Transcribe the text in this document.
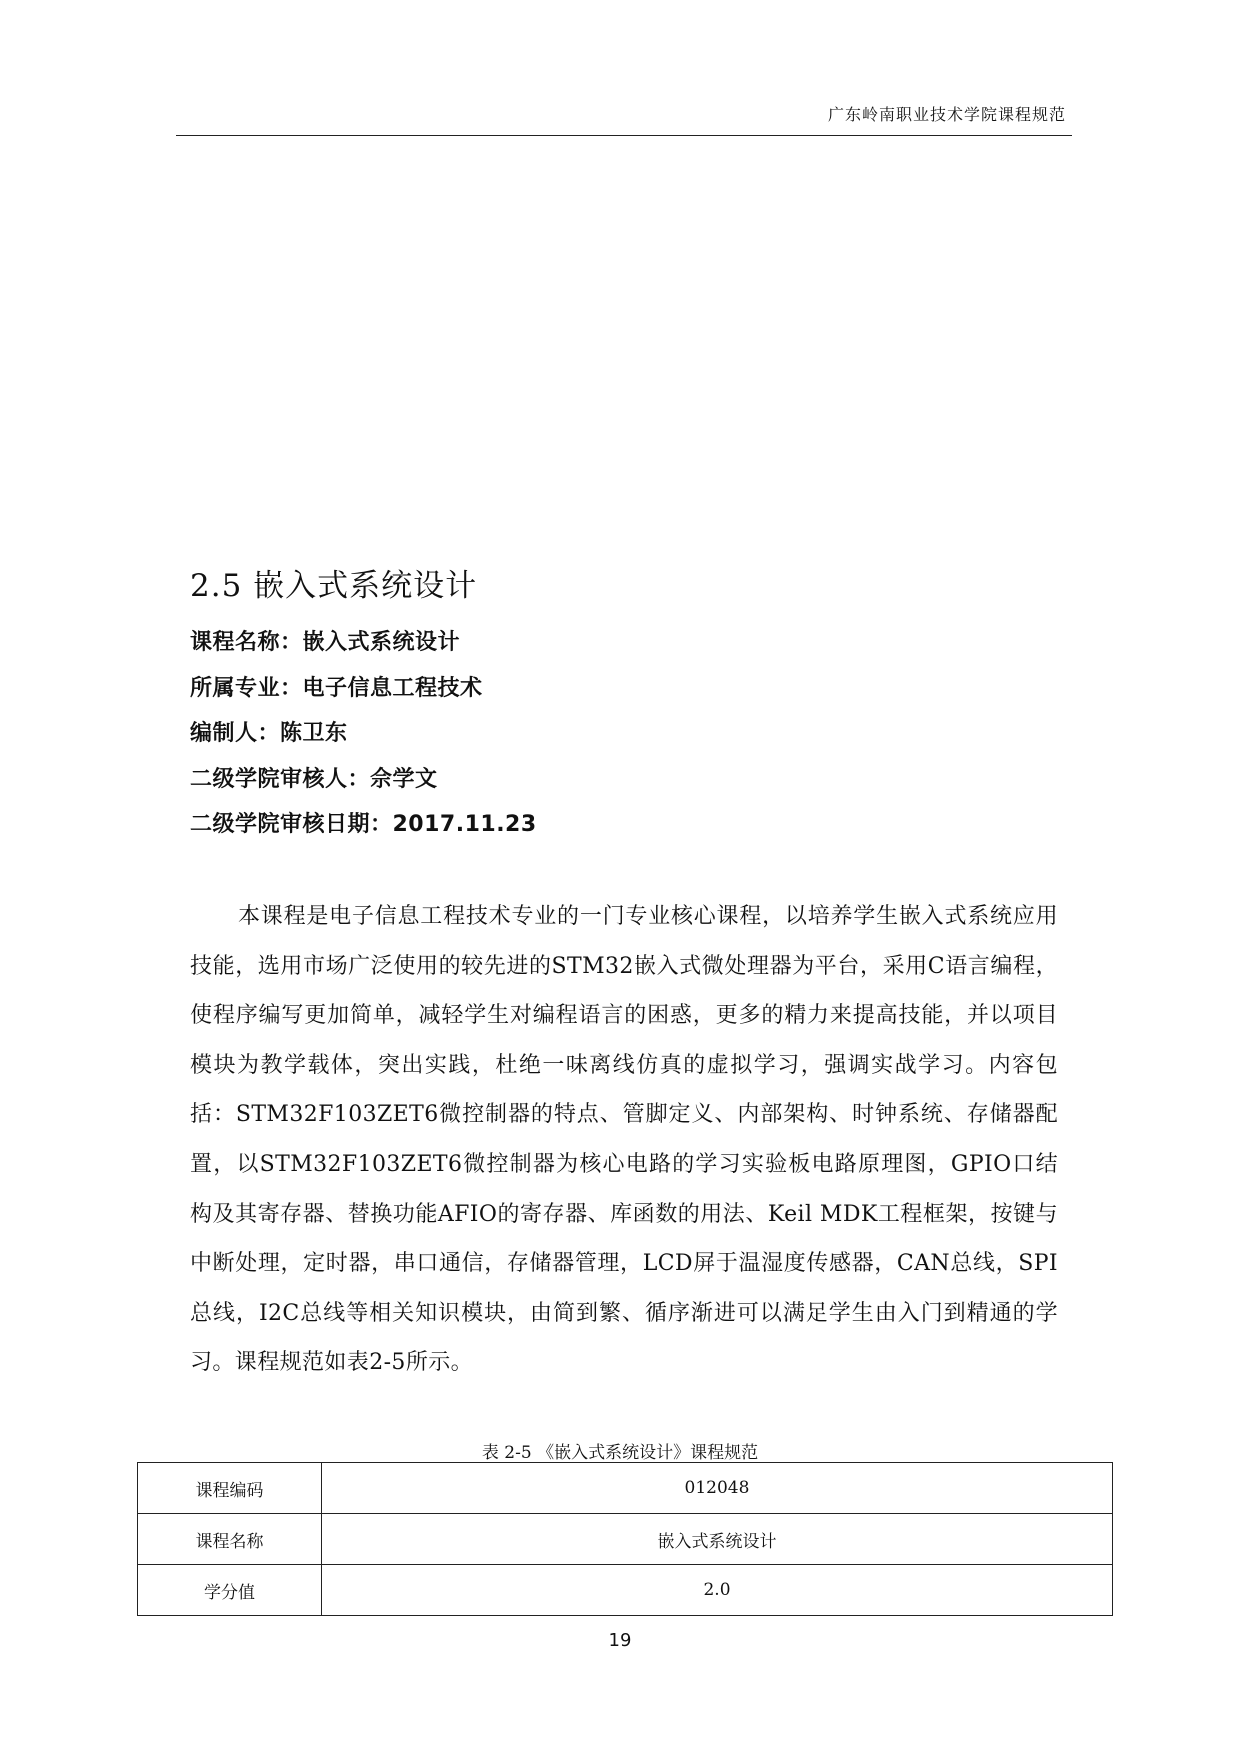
广东岭南职业技术学院课程规范
2.5 嵌入式系统设计
课程名称：嵌入式系统设计
所属专业：电子信息工程技术
编制人：陈卫东
二级学院审核人：佘学文
二级学院审核日期：2017.11.23

本课程是电子信息工程技术专业的一门专业核心课程，以培养学生嵌入式系统应用技能，选用市场广泛使用的较先进的STM32嵌入式微处理器为平台，采用C语言编程，使程序编写更加简单，减轻学生对编程语言的困惑，更多的精力来提高技能，并以项目模块为教学载体，突出实践，杜绝一味离线仿真的虚拟学习，强调实战学习。内容包括：STM32F103ZET6微控制器的特点、管脚定义、内部架构、时钟系统、存储器配置，以STM32F103ZET6微控制器为核心电路的学习实验板电路原理图，GPIO口结构及其寄存器、替换功能AFIO的寄存器、库函数的用法、Keil MDK工程框架，按键与中断处理，定时器，串口通信，存储器管理，LCD屏于温湿度传感器，CAN总线，SPI总线，I2C总线等相关知识模块，由简到繁、循序渐进可以满足学生由入门到精通的学习。课程规范如表2-5所示。

表 2-5 《嵌入式系统设计》课程规范
课程编码	012048
课程名称	嵌入式系统设计
学分值	2.0
19
